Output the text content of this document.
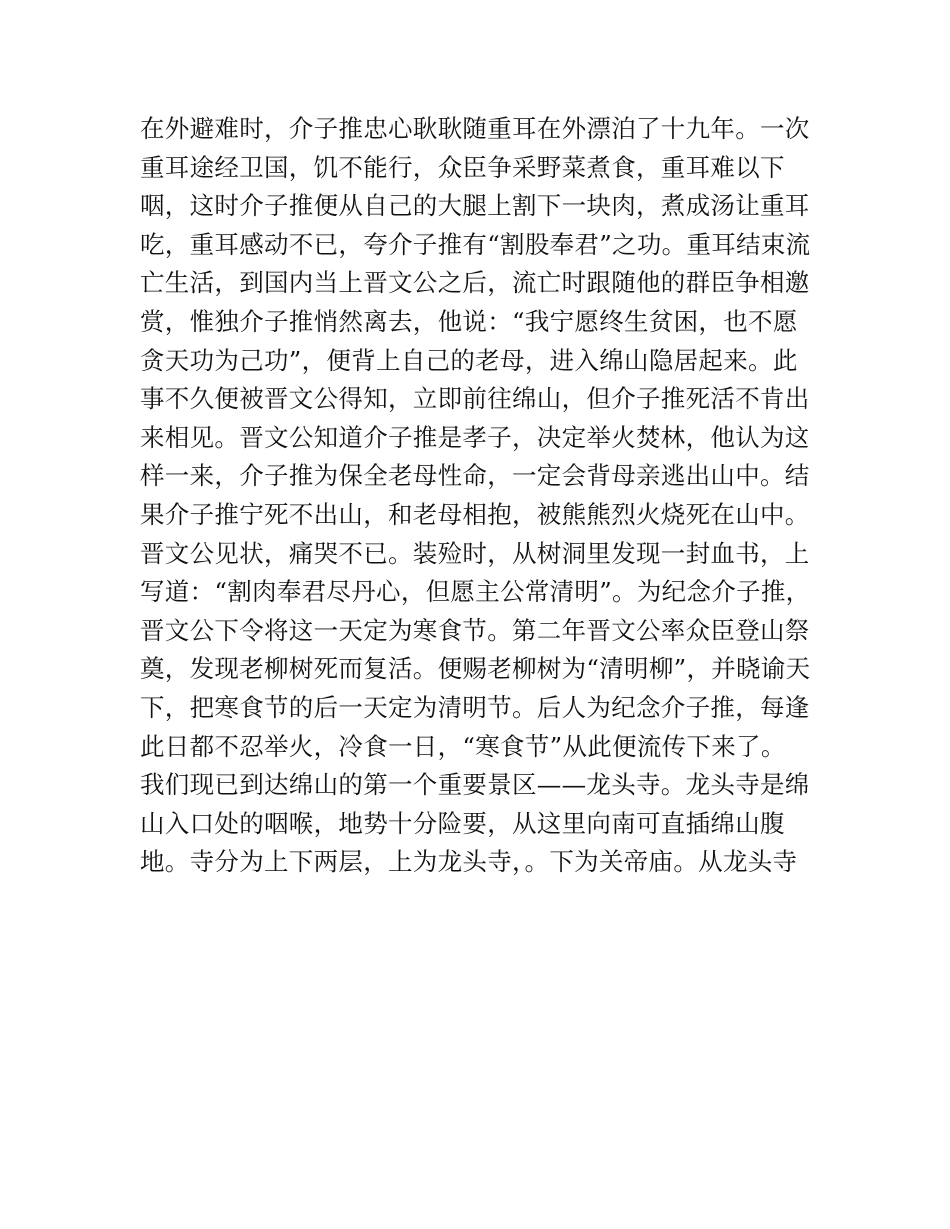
在外避难时，介子推忠心耿耿随重耳在外漂泊了十九年。一次
重耳途经卫国，饥不能行，众臣争采野菜煮食，重耳难以下
咽，这时介子推便从自己的大腿上割下一块肉，煮成汤让重耳
吃，重耳感动不已，夸介子推有“割股奉君”之功。重耳结束流
亡生活，到国内当上晋文公之后，流亡时跟随他的群臣争相邀
赏，惟独介子推悄然离去，他说：“我宁愿终生贫困，也不愿
贪天功为己功”，便背上自己的老母，进入绵山隐居起来。此
事不久便被晋文公得知，立即前往绵山，但介子推死活不肯出
来相见。晋文公知道介子推是孝子，决定举火焚林，他认为这
样一来，介子推为保全老母性命，一定会背母亲逃出山中。结
果介子推宁死不出山，和老母相抱，被熊熊烈火烧死在山中。
晋文公见状，痛哭不已。装殓时，从树洞里发现一封血书，上
写道：“割肉奉君尽丹心，但愿主公常清明”。为纪念介子推，
晋文公下令将这一天定为寒食节。第二年晋文公率众臣登山祭
奠，发现老柳树死而复活。便赐老柳树为“清明柳”，并晓谕天
下，把寒食节的后一天定为清明节。后人为纪念介子推，每逢
此日都不忍举火，冷食一日，“寒食节”从此便流传下来了。
我们现已到达绵山的第一个重要景区——龙头寺。龙头寺是绵
山入口处的咽喉，地势十分险要，从这里向南可直插绵山腹
地。寺分为上下两层，上为龙头寺，。下为关帝庙。从龙头寺
